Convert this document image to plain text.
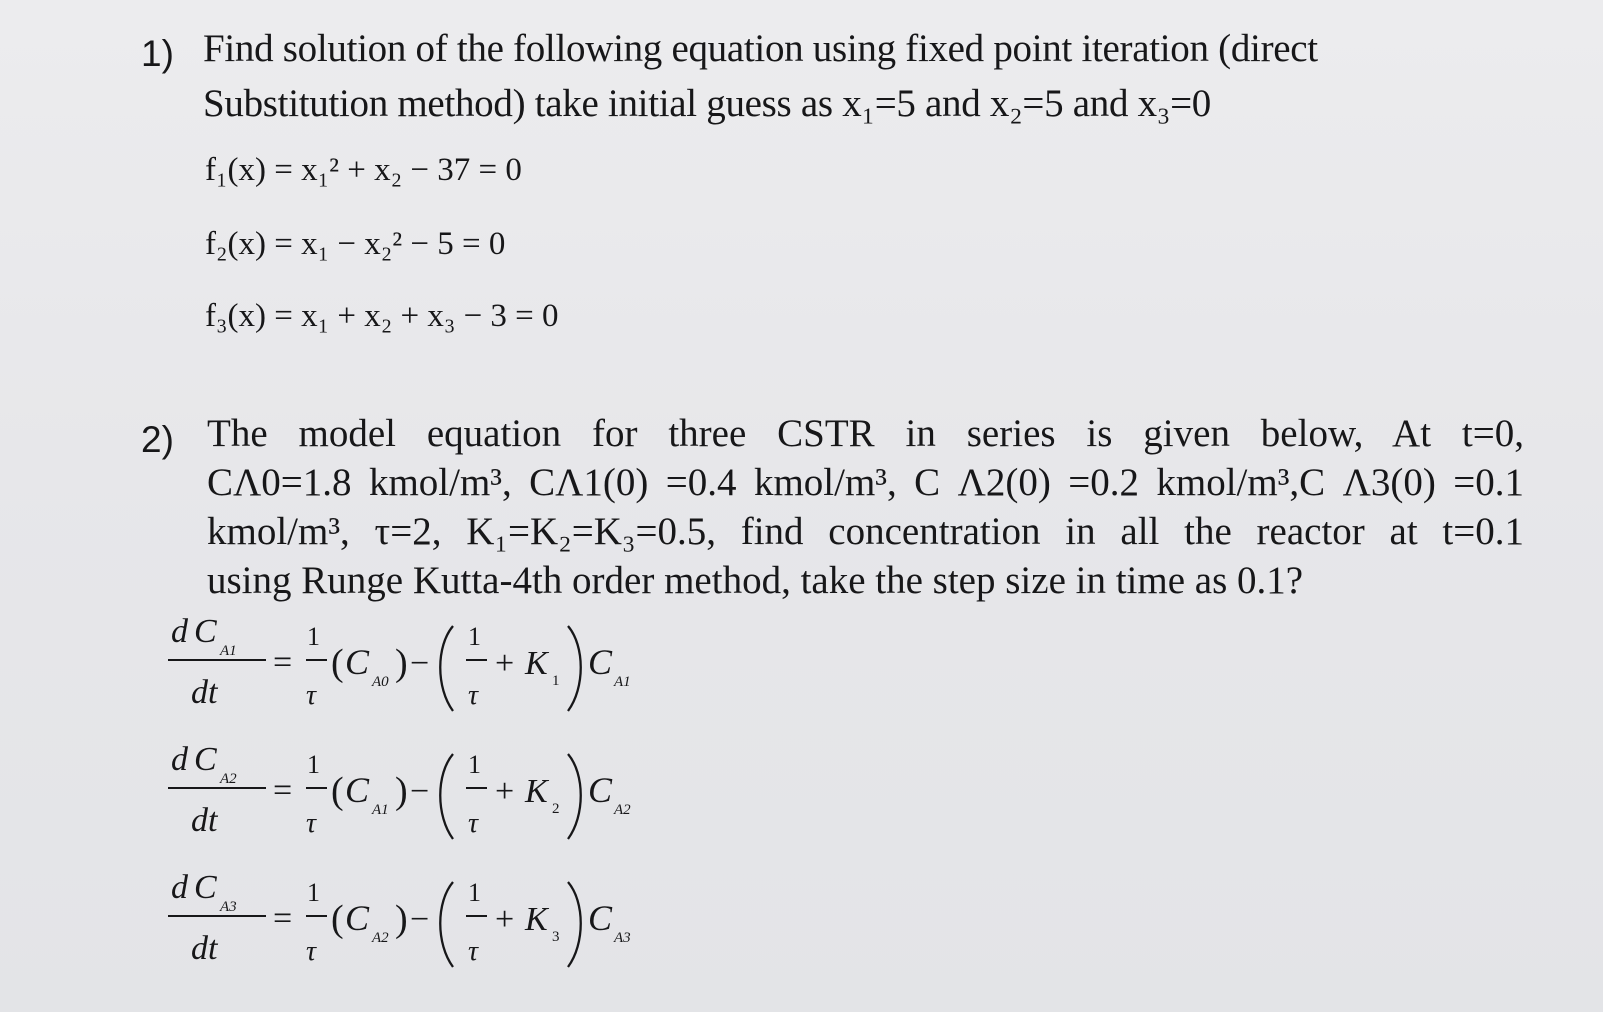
1) Find solution of the following equation using fixed point iteration (direct
Substitution method) take initial guess as x₁=5 and x₂=5 and x₃=0
f₁(x) = x₁² + x₂ − 37 = 0
f₂(x) = x₁ − x₂² − 5 = 0
f₃(x) = x₁ + x₂ + x₃ − 3 = 0
2) The model equation for three CSTR in series is given below, At t=0,
CΛ0=1.8 kmol/m³, CΛ1(0) =0.4 kmol/m³, C Λ2(0) =0.2 kmol/m³,C Λ3(0) =0.1
kmol/m³, τ=2, K₁=K₂=K₃=0.5, find concentration in all the reactor at t=0.1
using Runge Kutta-4th order method, take the step size in time as 0.1?
d C
A1
dt
=
1
τ
( C A0 ) −
1
τ
+ K 1 C A1
d C
A2
dt
=
1
τ
( C A1 ) −
1
τ
+ K 2 C A2
d C
A3
dt
=
1
τ
( C A2 ) −
1
τ
+ K 3 C A3
